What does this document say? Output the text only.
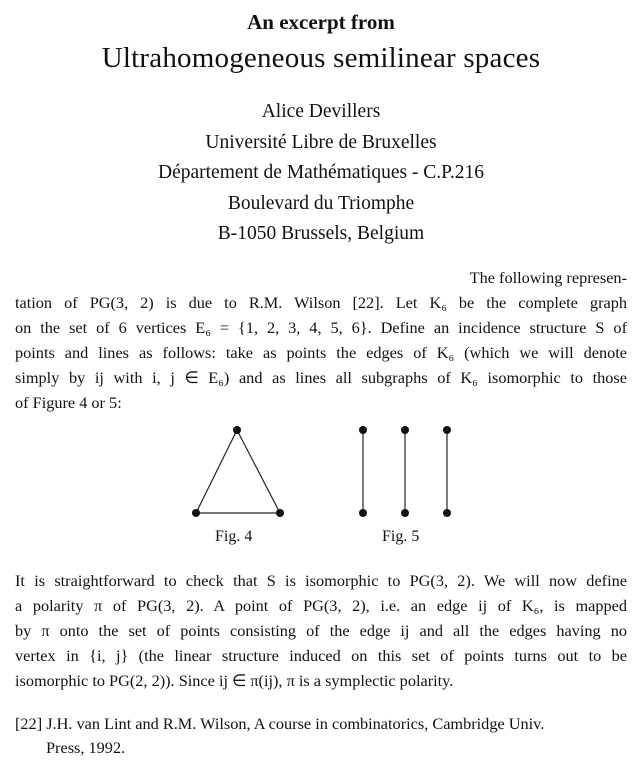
An excerpt from
Ultrahomogeneous semilinear spaces
Alice Devillers
Université Libre de Bruxelles
Département de Mathématiques - C.P.216
Boulevard du Triomphe
B-1050 Brussels, Belgium
The following represen-
tation of PG(3, 2) is due to R.M. Wilson [22]. Let K₆ be the complete graph
on the set of 6 vertices E₆ = {1, 2, 3, 4, 5, 6}. Define an incidence structure S of
points and lines as follows: take as points the edges of K₆ (which we will denote
simply by ij with i, j ∈ E₆) and as lines all subgraphs of K₆ isomorphic to those
of Figure 4 or 5:
Fig. 4	Fig. 5
It is straightforward to check that S is isomorphic to PG(3, 2). We will now define
a polarity π of PG(3, 2). A point of PG(3, 2), i.e. an edge ij of K₆, is mapped
by π onto the set of points consisting of the edge ij and all the edges having no
vertex in {i, j} (the linear structure induced on this set of points turns out to be
isomorphic to PG(2, 2)). Since ij ∈ π(ij), π is a symplectic polarity.
[22] J.H. van Lint and R.M. Wilson, A course in combinatorics, Cambridge Univ.
Press, 1992.
